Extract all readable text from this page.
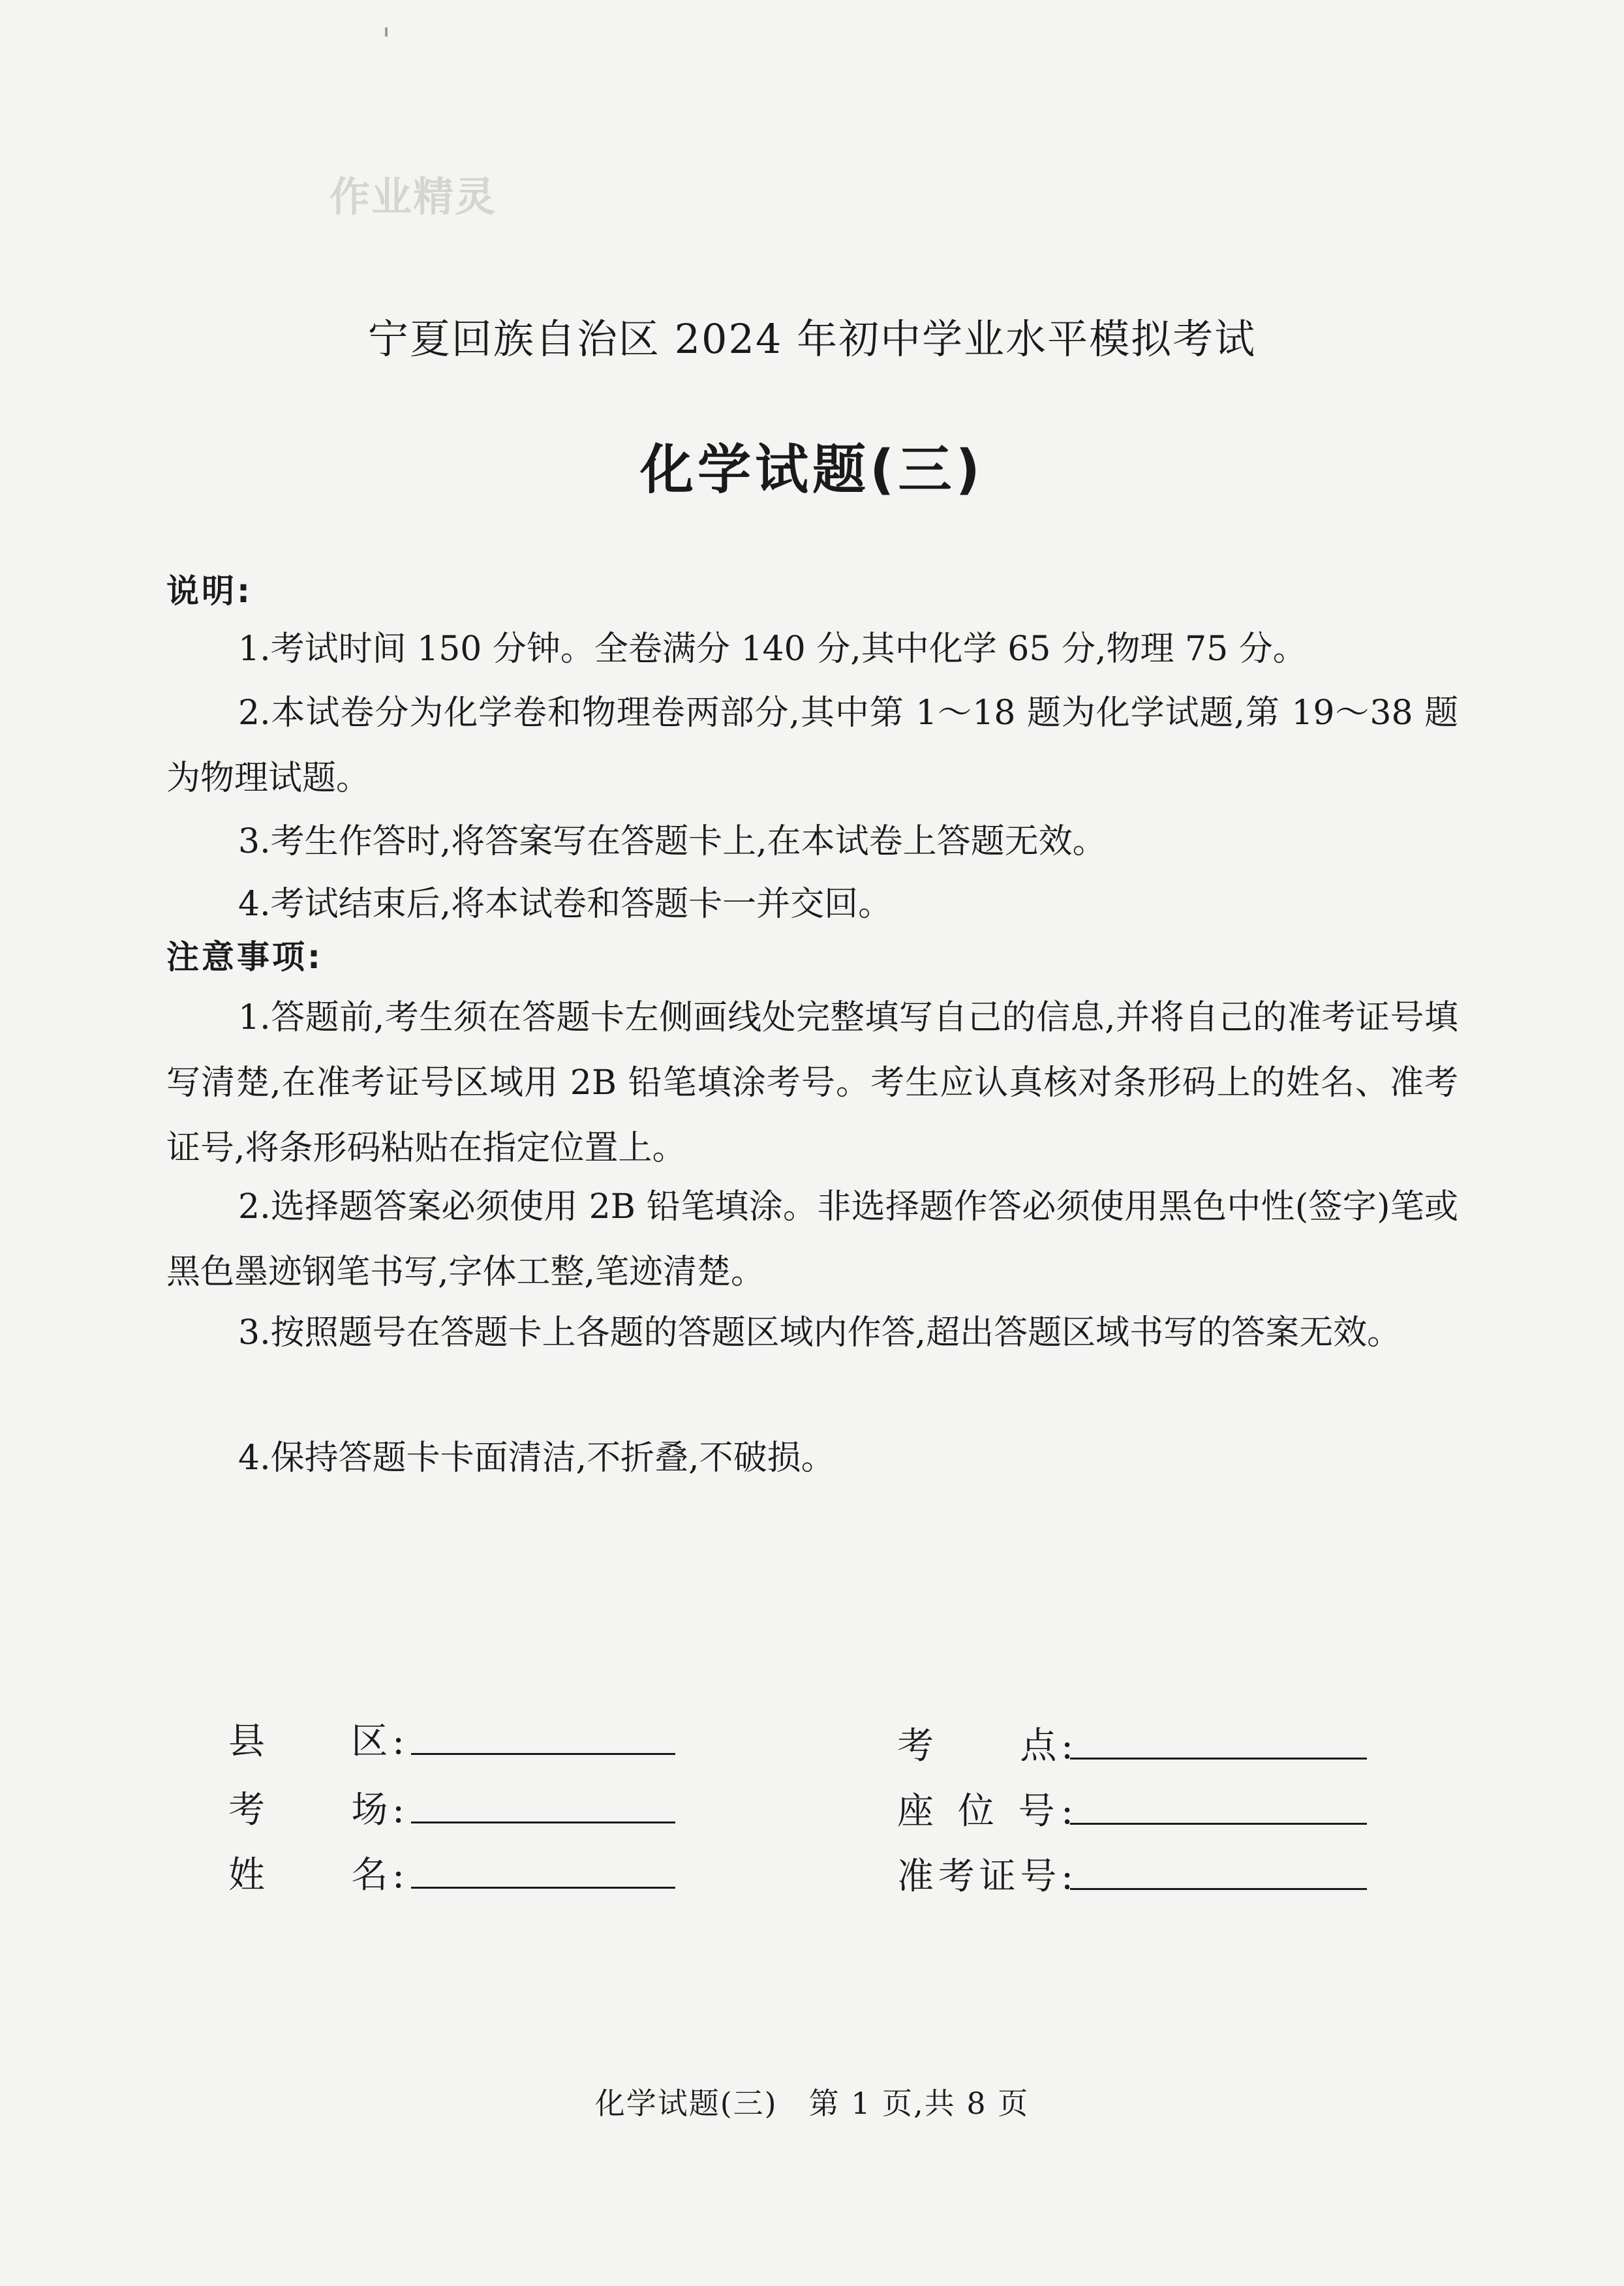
作业精灵
宁夏回族自治区 2024 年初中学业水平模拟考试
化学试题(三)
说明:

1.考试时间 150 分钟。全卷满分 140 分,其中化学 65 分,物理 75 分。

2.本试卷分为化学卷和物理卷两部分,其中第 1～18 题为化学试题,第 19～38 题为物理试题。

3.考生作答时,将答案写在答题卡上,在本试卷上答题无效。

4.考试结束后,将本试卷和答题卡一并交回。

注意事项:

1.答题前,考生须在答题卡左侧画线处完整填写自己的信息,并将自己的准考证号填写清楚,在准考证号区域用 2B 铅笔填涂考号。考生应认真核对条形码上的姓名、准考证号,将条形码粘贴在指定位置上。

2.选择题答案必须使用 2B 铅笔填涂。非选择题作答必须使用黑色中性(签字)笔或黑色墨迹钢笔书写,字体工整,笔迹清楚。

3.按照题号在答题卡上各题的答题区域内作答,超出答题区域书写的答案无效。

4.保持答题卡卡面清洁,不折叠,不破损。

县　　区:
考　　场:
姓　　名:
考　　点:
座 位 号:
准考证号:
化学试题(三)　第 1 页,共 8 页
